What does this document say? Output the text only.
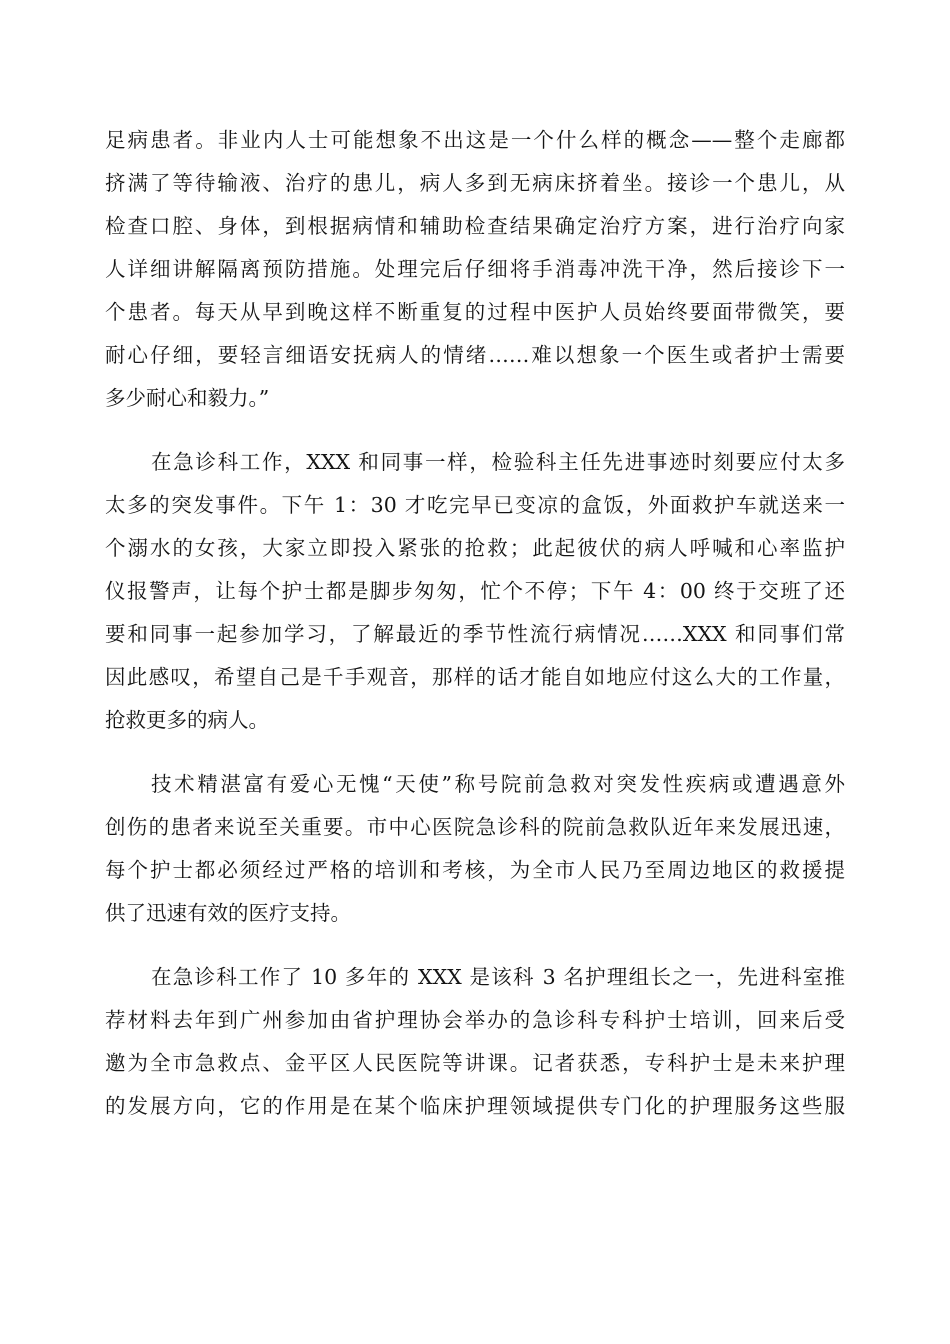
足病患者。非业内人士可能想象不出这是一个什么样的概念——整个走廊都
挤满了等待输液、治疗的患儿，病人多到无病床挤着坐。接诊一个患儿，从
检查口腔、身体，到根据病情和辅助检查结果确定治疗方案，进行治疗向家
人详细讲解隔离预防措施。处理完后仔细将手消毒冲洗干净，然后接诊下一
个患者。每天从早到晚这样不断重复的过程中医护人员始终要面带微笑，要
耐心仔细，要轻言细语安抚病人的情绪……难以想象一个医生或者护士需要
多少耐心和毅力。”
在急诊科工作，XXX 和同事一样，检验科主任先进事迹时刻要应付太多
太多的突发事件。下午 1：30 才吃完早已变凉的盒饭，外面救护车就送来一
个溺水的女孩，大家立即投入紧张的抢救；此起彼伏的病人呼喊和心率监护
仪报警声，让每个护士都是脚步匆匆，忙个不停；下午 4：00 终于交班了还
要和同事一起参加学习，了解最近的季节性流行病情况……XXX 和同事们常
因此感叹，希望自己是千手观音，那样的话才能自如地应付这么大的工作量，
抢救更多的病人。
技术精湛富有爱心无愧“天使”称号院前急救对突发性疾病或遭遇意外
创伤的患者来说至关重要。市中心医院急诊科的院前急救队近年来发展迅速，
每个护士都必须经过严格的培训和考核，为全市人民乃至周边地区的救援提
供了迅速有效的医疗支持。
在急诊科工作了 10 多年的 XXX 是该科 3 名护理组长之一，先进科室推
荐材料去年到广州参加由省护理协会举办的急诊科专科护士培训，回来后受
邀为全市急救点、金平区人民医院等讲课。记者获悉，专科护士是未来护理
的发展方向，它的作用是在某个临床护理领域提供专门化的护理服务这些服
